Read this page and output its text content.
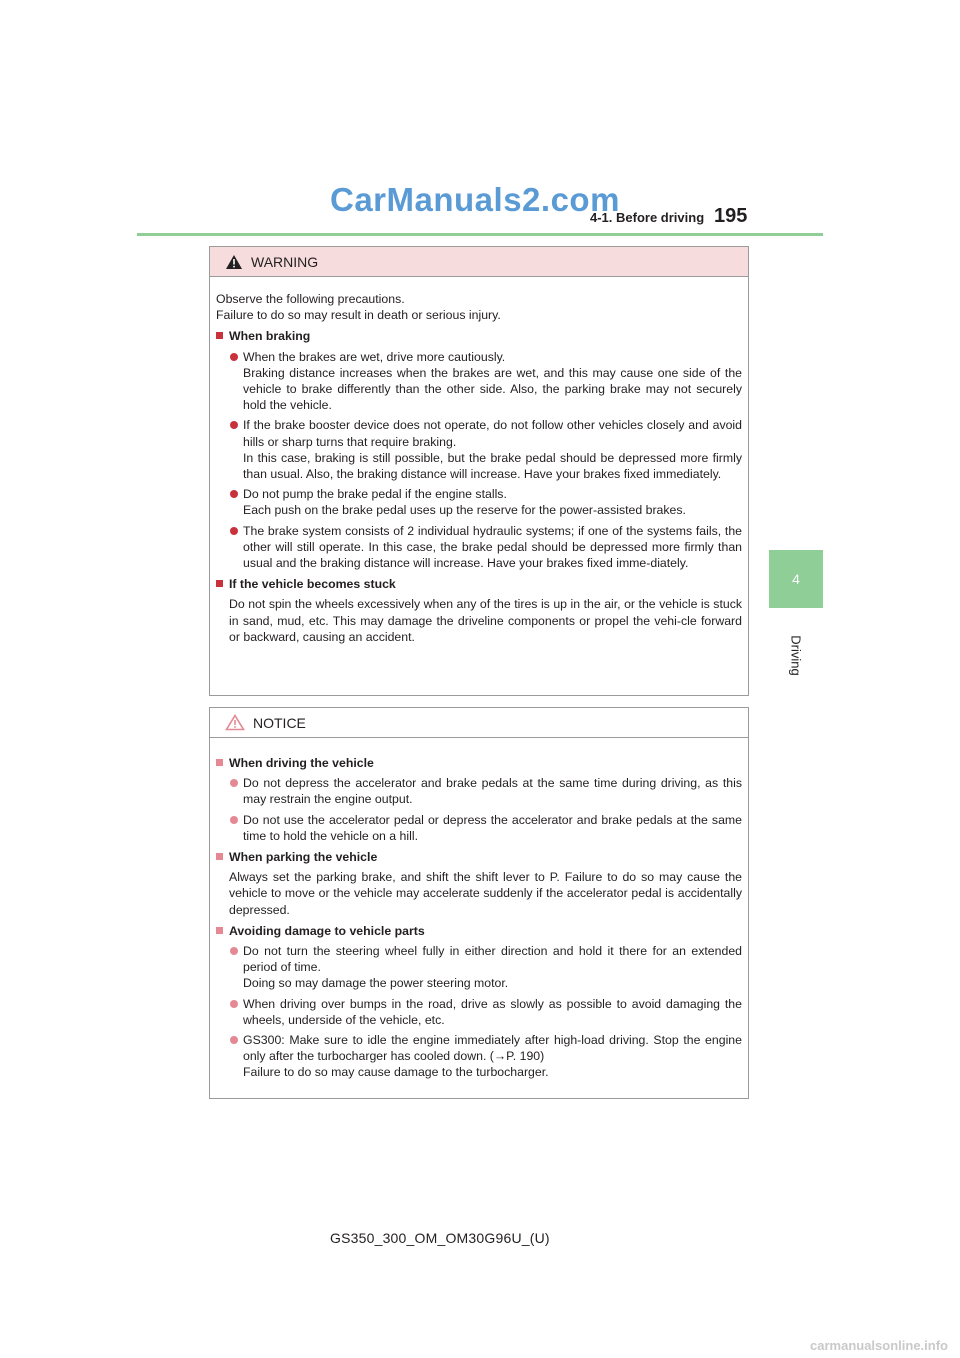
CarManuals2.com
4-1. Before driving 195
4
Driving
WARNING

Observe the following precautions.

Failure to do so may result in death or serious injury.

When braking
When the brakes are wet, drive more cautiously.
Braking distance increases when the brakes are wet, and this may cause one side of the vehicle to brake differently than the other side. Also, the parking brake may not securely hold the vehicle.
If the brake booster device does not operate, do not follow other vehicles closely and avoid hills or sharp turns that require braking.
In this case, braking is still possible, but the brake pedal should be depressed more firmly than usual. Also, the braking distance will increase. Have your brakes fixed immediately.
Do not pump the brake pedal if the engine stalls.
Each push on the brake pedal uses up the reserve for the power-assisted brakes.
The brake system consists of 2 individual hydraulic systems; if one of the systems fails, the other will still operate. In this case, the brake pedal should be depressed more firmly than usual and the braking distance will increase. Have your brakes fixed imme-diately.
If the vehicle becomes stuck
Do not spin the wheels excessively when any of the tires is up in the air, or the vehicle is stuck in sand, mud, etc. This may damage the driveline components or propel the vehi-cle forward or backward, causing an accident.
NOTICE
When driving the vehicle
Do not depress the accelerator and brake pedals at the same time during driving, as this may restrain the engine output.
Do not use the accelerator pedal or depress the accelerator and brake pedals at the same time to hold the vehicle on a hill.
When parking the vehicle
Always set the parking brake, and shift the shift lever to P. Failure to do so may cause the vehicle to move or the vehicle may accelerate suddenly if the accelerator pedal is accidentally depressed.
Avoiding damage to vehicle parts
Do not turn the steering wheel fully in either direction and hold it there for an extended period of time.
Doing so may damage the power steering motor.
When driving over bumps in the road, drive as slowly as possible to avoid damaging the wheels, underside of the vehicle, etc.
GS300: Make sure to idle the engine immediately after high-load driving. Stop the engine only after the turbocharger has cooled down. (→P. 190)
Failure to do so may cause damage to the turbocharger.
GS350_300_OM_OM30G96U_(U)
carmanualsonline.info
